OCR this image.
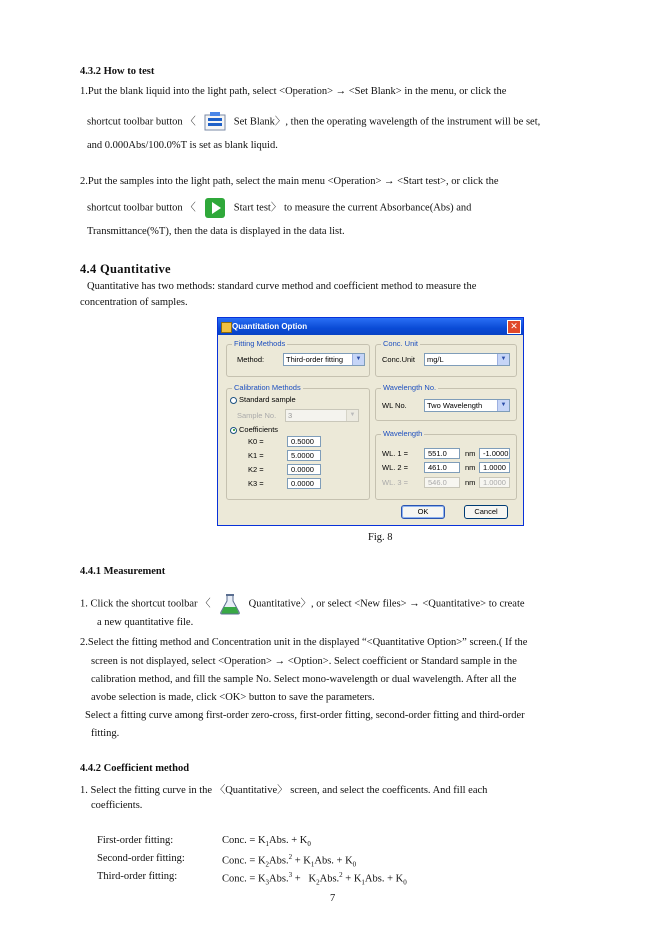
4.3.2 How to test
1.Put the blank liquid into the light path, select <Operation> → <Set Blank> in the menu, or click the
shortcut toolbar button 〈	Set Blank〉, then the operating wavelength of the instrument will be set,
and 0.000Abs/100.0%T is set as blank liquid.
2.Put the samples into the light path, select the main menu <Operation> → <Start test>, or click the
shortcut toolbar button 〈	Start test〉 to measure the current Absorbance(Abs) and
Transmittance(%T), then the data is displayed in the data list.
4.4 Quantitative
Quantitative has two methods: standard curve method and coefficient method to measure the
concentration of samples.
Quantitation Option	✕
Fitting Methods
Method:	Third-order fitting	▼
Conc. Unit
Conc.Unit	mg/L	▼
Calibration Methods
Standard sample
Sample No.	3	▼
Coefficients
K0 =	0.5000
K1 =	5.0000
K2 =	0.0000
K3 =	0.0000
Wavelength No.
WL No.	Two Wavelength	▼
Wavelength
WL. 1 =	551.0	nm	-1.0000
WL. 2 =	461.0	nm	1.0000
WL. 3 =	546.0	nm	1.0000
OK	Cancel
Fig. 8
4.4.1 Measurement
1. Click the shortcut toolbar 〈	Quantitative〉, or select <New files> → <Quantitative> to create
a new quantitative file.
2.Select the fitting method and Concentration unit in the displayed “<Quantitative Option>” screen.( If the
screen is not displayed, select <Operation> → <Option>. Select coefficient or Standard sample in the
calibration method, and fill the sample No. Select mono-wavelength or dual wavelength. After all the
avobe selection is made, click <OK> button to save the parameters.
Select a fitting curve among first-order zero-cross, first-order fitting, second-order fitting and third-order
fitting.
4.4.2 Coefficient method
1. Select the fitting curve in the 〈Quantitative〉 screen, and select the coefficents. And fill each
coefficients.
First-order fitting:	Conc. = $K_1Abs$. + $K_0$
Second-order fitting:	Conc. = $K_2Abs.^2 + K_1Abs$. + $K_0$
Third-order fitting:	Conc. = $K_3Abs.^3 + K_2Abs.^2 + K_1Abs$. + $K_0$
7
